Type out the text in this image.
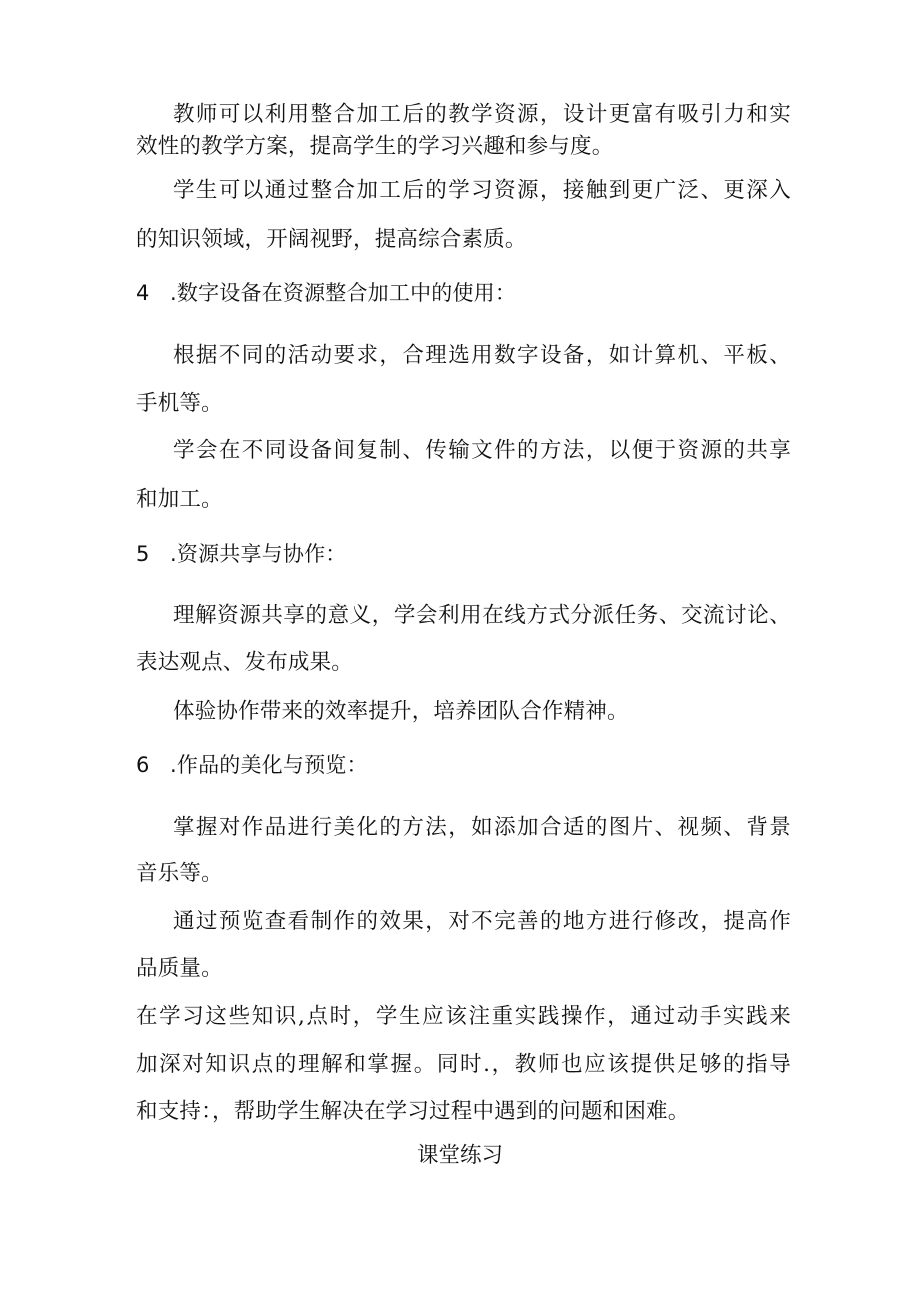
教师可以利用整合加工后的教学资源，设计更富有吸引力和实
效性的教学方案，提高学生的学习兴趣和参与度。
学生可以通过整合加工后的学习资源，接触到更广泛、更深入
的知识领域，开阔视野，提高综合素质。
4 .数字设备在资源整合加工中的使用：
根据不同的活动要求，合理选用数字设备，如计算机、平板、
手机等。
学会在不同设备间复制、传输文件的方法，以便于资源的共享
和加工。
5 .资源共享与协作：
理解资源共享的意义，学会利用在线方式分派任务、交流讨论、
表达观点、发布成果。
体验协作带来的效率提升，培养团队合作精神。
6 .作品的美化与预览：
掌握对作品进行美化的方法，如添加合适的图片、视频、背景
音乐等。
通过预览查看制作的效果，对不完善的地方进行修改，提高作
品质量。
在学习这些知识,点时，学生应该注重实践操作，通过动手实践来
加深对知识点的理解和掌握。同时.，教师也应该提供足够的指导
和支持：，帮助学生解决在学习过程中遇到的问题和困难。
课堂练习
